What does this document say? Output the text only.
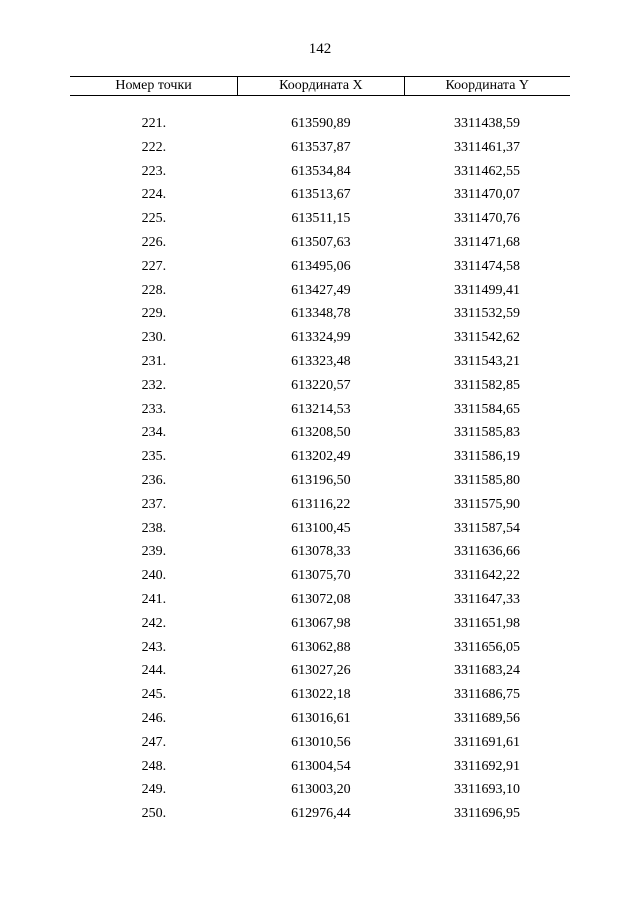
142
Номер точки	Координата X	Координата Y

221.	613590,89	3311438,59
222.	613537,87	3311461,37
223.	613534,84	3311462,55
224.	613513,67	3311470,07
225.	613511,15	3311470,76
226.	613507,63	3311471,68
227.	613495,06	3311474,58
228.	613427,49	3311499,41
229.	613348,78	3311532,59
230.	613324,99	3311542,62
231.	613323,48	3311543,21
232.	613220,57	3311582,85
233.	613214,53	3311584,65
234.	613208,50	3311585,83
235.	613202,49	3311586,19
236.	613196,50	3311585,80
237.	613116,22	3311575,90
238.	613100,45	3311587,54
239.	613078,33	3311636,66
240.	613075,70	3311642,22
241.	613072,08	3311647,33
242.	613067,98	3311651,98
243.	613062,88	3311656,05
244.	613027,26	3311683,24
245.	613022,18	3311686,75
246.	613016,61	3311689,56
247.	613010,56	3311691,61
248.	613004,54	3311692,91
249.	613003,20	3311693,10
250.	612976,44	3311696,95
